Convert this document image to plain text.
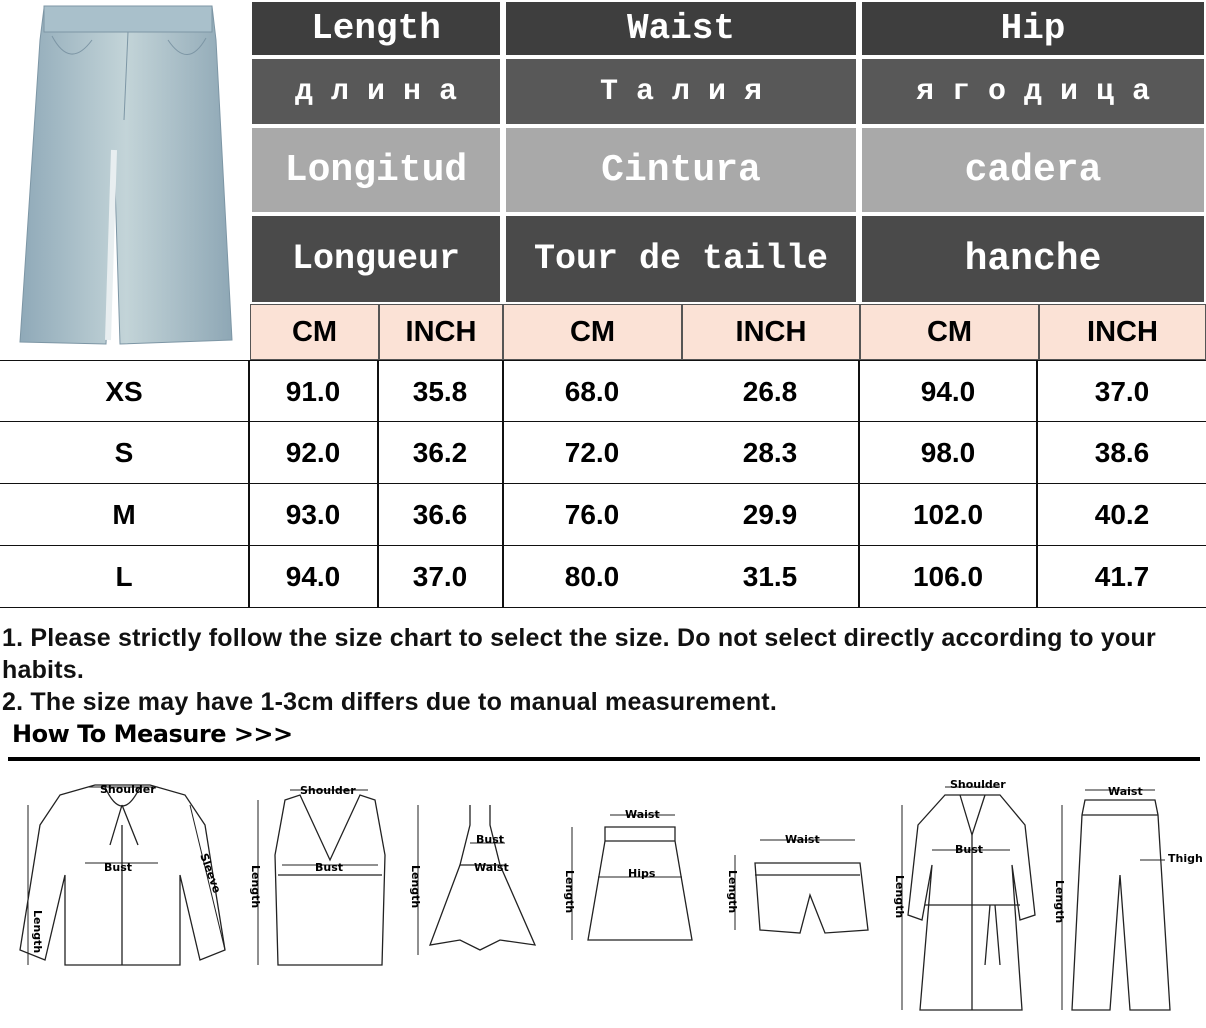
Length	Waist	Hip
д л и н а	Т а л и я	я г о д и ц а
Longitud	Cintura	cadera
Longueur	Tour de taille	hanche
CM	INCH	CM	INCH	CM	INCH
XS	91.0	35.8	68.0	26.8	94.0	37.0
S	92.0	36.2	72.0	28.3	98.0	38.6
M	93.0	36.6	76.0	29.9	102.0	40.2
L	94.0	37.0	80.0	31.5	106.0	41.7
1. Please strictly follow the size chart to select the size. Do not select directly according to your habits.
2. The size may have 1-3cm differs due to manual measurement.
How To Measure >>>
Shoulder
Bust	Sleeve
Length
Shoulder
Bust
Length
Bust
Waist
Length
Waist
Hips
Length
Waist
Length
Shoulder
Bust
Length
Waist
Thigh
Length
